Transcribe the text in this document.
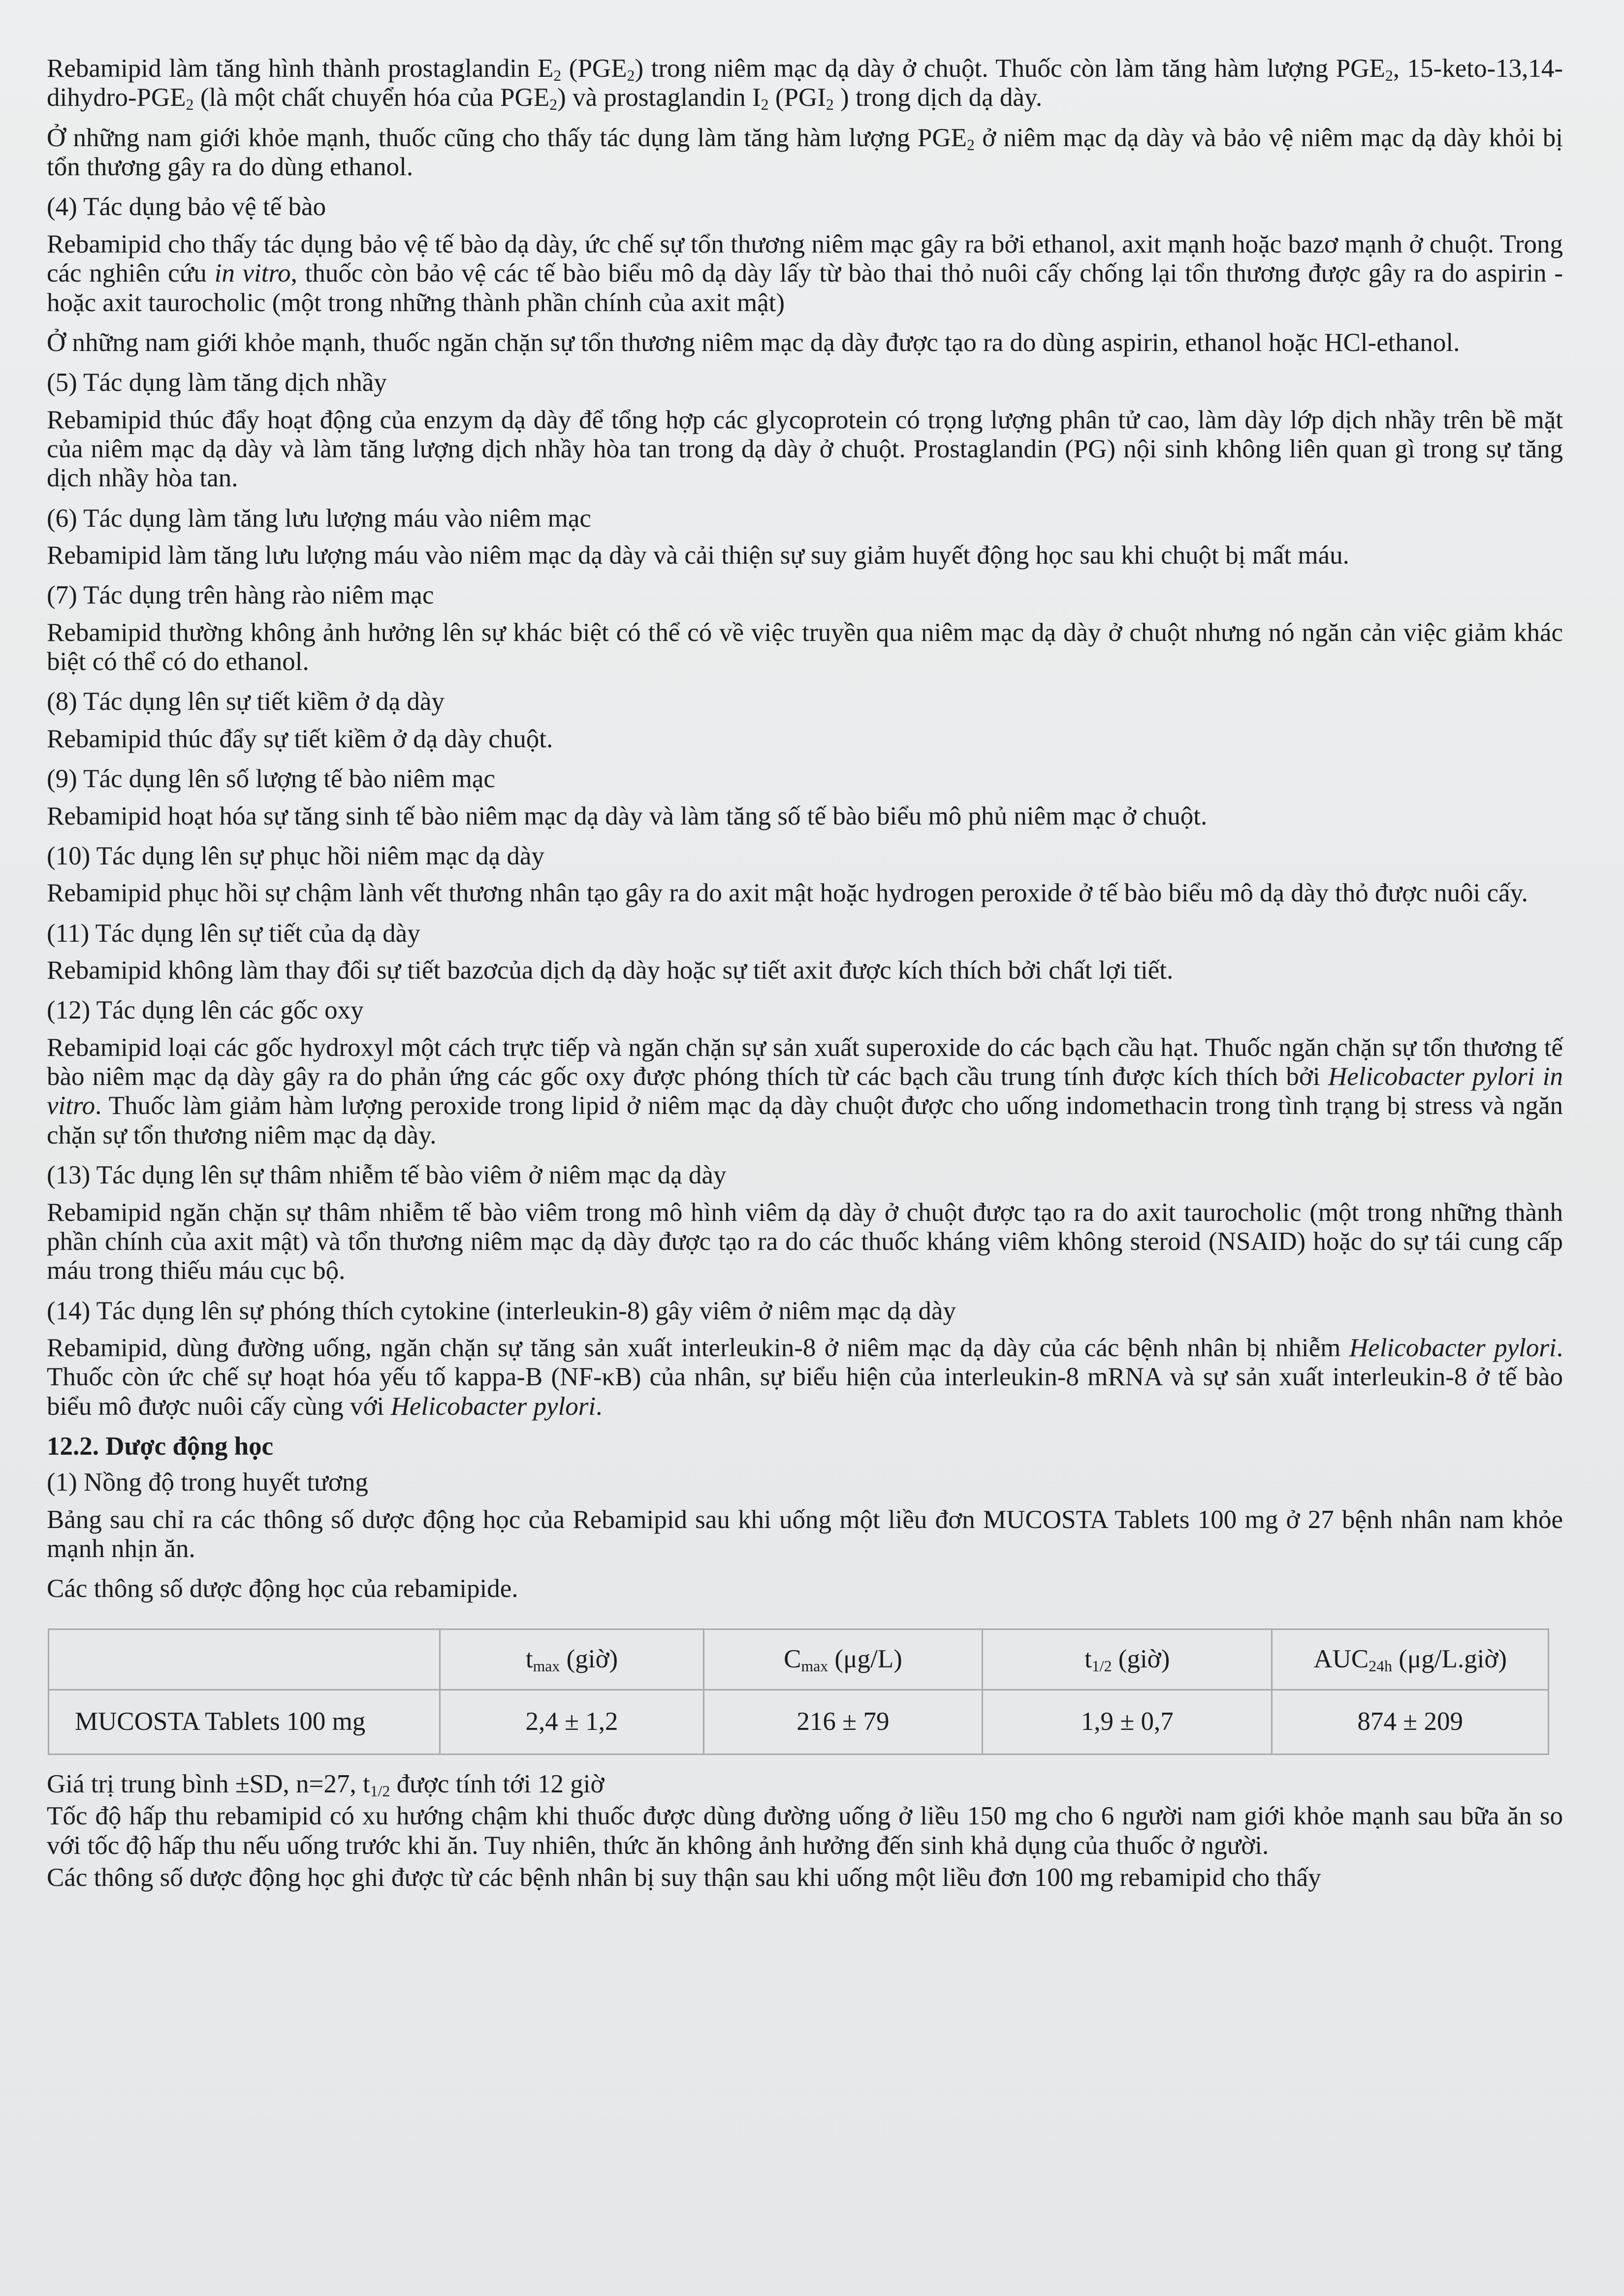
Rebamipid làm tăng hình thành prostaglandin $E_2$ $(PGE_2)$ trong niêm mạc dạ dày ở chuột. Thuốc còn làm tăng hàm lượng $PGE_2$, $15-keto-13,14-dihydro-PGE_2$ (là một chất chuyển hóa của $PGE_2$) và prostaglandin $I_2$ ($PGI_2$ ) trong dịch dạ dày.

Ở những nam giới khỏe mạnh, thuốc cũng cho thấy tác dụng làm tăng hàm lượng $PGE_2$ ở niêm mạc dạ dày và bảo vệ niêm mạc dạ dày khỏi bị tổn thương gây ra do dùng ethanol.

(4) Tác dụng bảo vệ tế bào

Rebamipid cho thấy tác dụng bảo vệ tế bào dạ dày, ức chế sự tổn thương niêm mạc gây ra bởi ethanol, axit mạnh hoặc bazơ mạnh ở chuột. Trong các nghiên cứu in vitro, thuốc còn bảo vệ các tế bào biểu mô dạ dày lấy từ bào thai thỏ nuôi cấy chống lại tổn thương được gây ra do aspirin - hoặc axit taurocholic (một trong những thành phần chính của axit mật)

Ở những nam giới khỏe mạnh, thuốc ngăn chặn sự tổn thương niêm mạc dạ dày được tạo ra do dùng aspirin, ethanol hoặc HCl-ethanol.

(5) Tác dụng làm tăng dịch nhầy

Rebamipid thúc đẩy hoạt động của enzym dạ dày để tổng hợp các glycoprotein có trọng lượng phân tử cao, làm dày lớp dịch nhầy trên bề mặt của niêm mạc dạ dày và làm tăng lượng dịch nhầy hòa tan trong dạ dày ở chuột. Prostaglandin (PG) nội sinh không liên quan gì trong sự tăng dịch nhầy hòa tan.

(6) Tác dụng làm tăng lưu lượng máu vào niêm mạc

Rebamipid làm tăng lưu lượng máu vào niêm mạc dạ dày và cải thiện sự suy giảm huyết động học sau khi chuột bị mất máu.

(7) Tác dụng trên hàng rào niêm mạc

Rebamipid thường không ảnh hưởng lên sự khác biệt có thể có về việc truyền qua niêm mạc dạ dày ở chuột nhưng nó ngăn cản việc giảm khác biệt có thể có do ethanol.

(8) Tác dụng lên sự tiết kiềm ở dạ dày

Rebamipid thúc đẩy sự tiết kiềm ở dạ dày chuột.

(9) Tác dụng lên số lượng tế bào niêm mạc

Rebamipid hoạt hóa sự tăng sinh tế bào niêm mạc dạ dày và làm tăng số tế bào biểu mô phủ niêm mạc ở chuột.

(10) Tác dụng lên sự phục hồi niêm mạc dạ dày

Rebamipid phục hồi sự chậm lành vết thương nhân tạo gây ra do axit mật hoặc hydrogen peroxide ở tế bào biểu mô dạ dày thỏ được nuôi cấy.

(11) Tác dụng lên sự tiết của dạ dày

Rebamipid không làm thay đổi sự tiết bazơcủa dịch dạ dày hoặc sự tiết axit được kích thích bởi chất lợi tiết.

(12) Tác dụng lên các gốc oxy

Rebamipid loại các gốc hydroxyl một cách trực tiếp và ngăn chặn sự sản xuất superoxide do các bạch cầu hạt. Thuốc ngăn chặn sự tổn thương tế bào niêm mạc dạ dày gây ra do phản ứng các gốc oxy được phóng thích từ các bạch cầu trung tính được kích thích bởi Helicobacter pylori in vitro. Thuốc làm giảm hàm lượng peroxide trong lipid ở niêm mạc dạ dày chuột được cho uống indomethacin trong tình trạng bị stress và ngăn chặn sự tổn thương niêm mạc dạ dày.

(13) Tác dụng lên sự thâm nhiễm tế bào viêm ở niêm mạc dạ dày

Rebamipid ngăn chặn sự thâm nhiễm tế bào viêm trong mô hình viêm dạ dày ở chuột được tạo ra do axit taurocholic (một trong những thành phần chính của axit mật) và tổn thương niêm mạc dạ dày được tạo ra do các thuốc kháng viêm không steroid (NSAID) hoặc do sự tái cung cấp máu trong thiếu máu cục bộ.

(14) Tác dụng lên sự phóng thích cytokine (interleukin-8) gây viêm ở niêm mạc dạ dày

Rebamipid, dùng đường uống, ngăn chặn sự tăng sản xuất interleukin-8 ở niêm mạc dạ dày của các bệnh nhân bị nhiễm Helicobacter pylori. Thuốc còn ức chế sự hoạt hóa yếu tố kappa-B (NF-κB) của nhân, sự biểu hiện của interleukin-8 mRNA và sự sản xuất interleukin-8 ở tế bào biểu mô được nuôi cấy cùng với Helicobacter pylori.

12.2. Dược động học

(1) Nồng độ trong huyết tương

Bảng sau chỉ ra các thông số dược động học của Rebamipid sau khi uống một liều đơn MUCOSTA Tablets 100 mg ở 27 bệnh nhân nam khỏe mạnh nhịn ăn.

Các thông số dược động học của rebamipide.

	$t_{max}$ (giờ)	$C_{max}$ (μg/L)	$t_{1/2}$ (giờ)	$AUC_{24h}$ (μg/L.giờ)
MUCOSTA Tablets 100 mg	2,4 ± 1,2	216 ± 79	1,9 ± 0,7	874 ± 209

Giá trị trung bình ±SD, n=27, $t_{1/2}$ được tính tới 12 giờ

Tốc độ hấp thu rebamipid có xu hướng chậm khi thuốc được dùng đường uống ở liều 150 mg cho 6 người nam giới khỏe mạnh sau bữa ăn so với tốc độ hấp thu nếu uống trước khi ăn. Tuy nhiên, thức ăn không ảnh hưởng đến sinh khả dụng của thuốc ở người.

Các thông số dược động học ghi được từ các bệnh nhân bị suy thận sau khi uống một liều đơn 100 mg rebamipid cho thấy
